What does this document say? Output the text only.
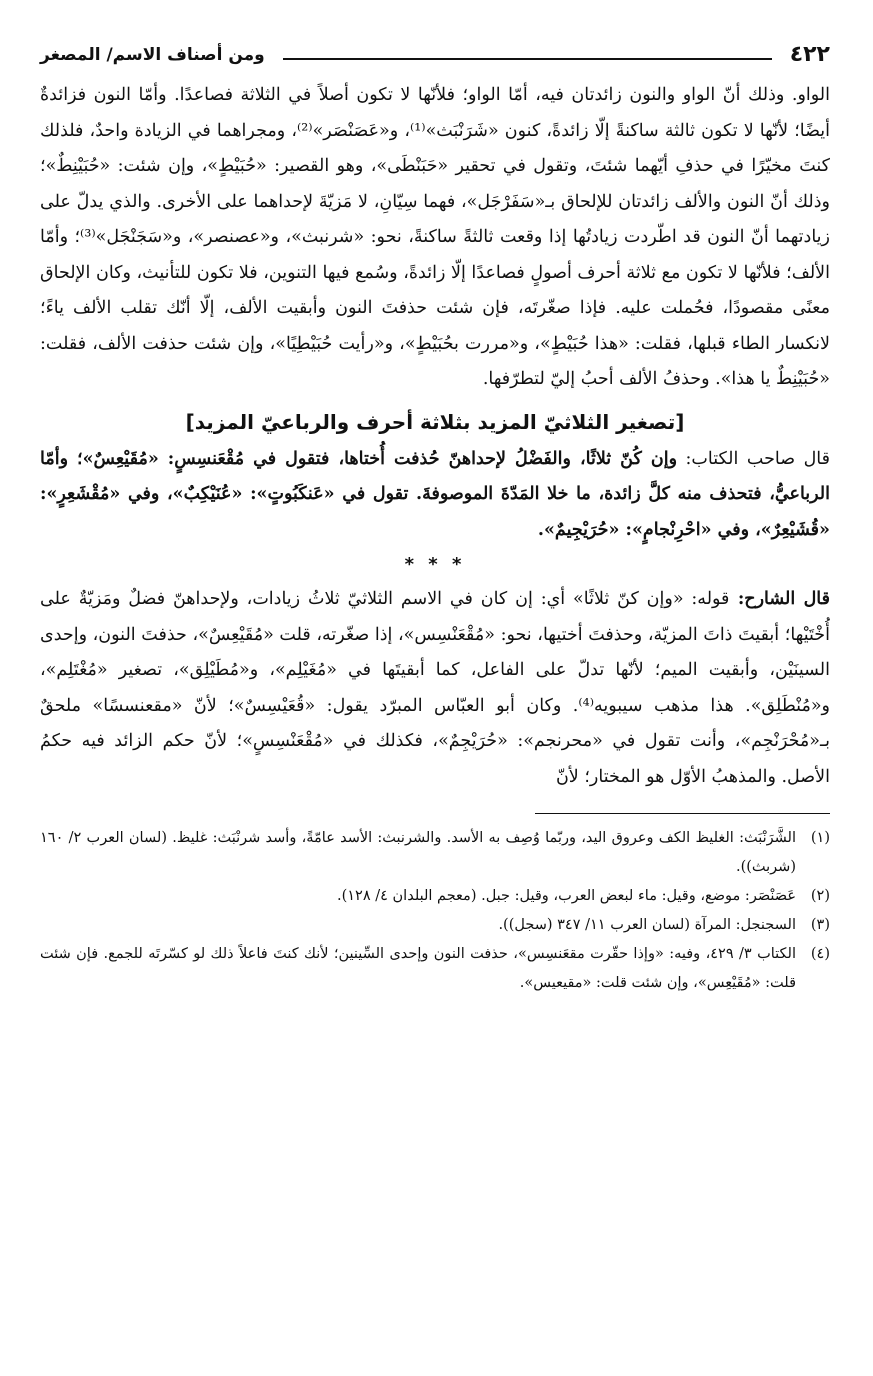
٤٢٢
ومن أصناف الاسم/ المصغر

الواو. وذلك أنّ الواو والنون زائدتان فيه، أمّا الواو؛ فلأنّها لا تكون أصلاً في الثلاثة فصاعدًا. وأمّا النون فزائدةٌ أيضًا؛ لأنّها لا تكون ثالثة ساكنةً إلّا زائدةً، كنون «شَرَنْبَث»⁽¹⁾، و«عَصَنْصَر»⁽²⁾، ومجراهما في الزيادة واحدٌ، فلذلك كنتَ مخيّرًا في حذفِ أيّهما شئتَ، وتقول في تحقير «حَبَنْطَى»، وهو القصير: «حُبَيْطٍ»، وإن شئت: «حُبَيْنِطٌ»؛ وذلك أنّ النون والألف زائدتان للإلحاق بـ«سَفَرْجَل»، فهما سِيّانِ، لا مَزيّةَ لإحداهما على الأخرى. والذي يدلّ على زيادتهما أنّ النون قد اطّردت زيادتُها إذا وقعت ثالثةً ساكنةً، نحو: «شرنبث»، و«عصنصر»، و«سَجَنْجَل»⁽³⁾؛ وأمّا الألف؛ فلأنّها لا تكون مع ثلاثة أحرف أصولٍ فصاعدًا إلّا زائدةً، وسُمع فيها التنوين، فلا تكون للتأنيث، وكان الإلحاق معنًى مقصودًا، فحُملت عليه. فإذا صغّرتَه، فإن شئت حذفتَ النون وأبقيت الألف، إلّا أنّك تقلب الألف ياءً؛ لانكسار الطاء قبلها، فقلت: «هذا حُبَيْطٍ»، و«مررت بحُبَيْطٍ»، و«رأيت حُبَيْطِيًا»، وإن شئت حذفت الألف، فقلت: «حُبَيْنِطٌ يا هذا». وحذفُ الألف أحبُ إليّ لتطرّفها.

[تصغير الثلاثيّ المزيد بثلاثة أحرف والرباعيّ المزيد]

قال صاحب الكتاب: وإن كُنّ ثلاثًا، والفَضْلُ لإحداهنّ حُذفت أُختاها، فتقول في مُقْعَنسِسٍ: «مُقَيْعِسٌ»؛ وأمّا الرباعيُّ، فتحذف منه كلَّ زائدة، ما خلا المَدّةَ الموصوفةَ. تقول في «عَنكَبُوتٍ»: «عُنَيْكِبٌ»، وفي «مُقْشَعِرٍ»: «قُشَيْعِرٌ»، وفي «احْرِنْجامٍ»: «حُرَيْجِيمٌ».

* * *

قال الشارح: قوله: «وإن كنّ ثلاثًا» أي: إن كان في الاسم الثلاثيّ ثلاثُ زيادات، ولإحداهنّ فضلٌ ومَزيّةٌ على أُخْتَيْها؛ أبقيتَ ذاتَ المزيّة، وحذفتَ أختيها، نحو: «مُقْعَنْسِس»، إذا صغّرته، قلت «مُقَيْعِسٌ»، حذفتَ النون، وإحدى السينَيْن، وأبقيت الميم؛ لأنّها تدلّ على الفاعل، كما أبقيتَها في «مُغَيْلِم»، و«مُطَيْلِق»، تصغير «مُغْتَلِم»، و«مُنْطَلِق». هذا مذهب سيبويه⁽⁴⁾. وكان أبو العبّاس المبرّد يقول: «قُعَيْسِسٌ»؛ لأنّ «مقعنسسًا» ملحقٌ بـ«مُحْرَنْجِم»، وأنت تقول في «محرنجم»: «حُرَيْجِمٌ»، فكذلك في «مُقْعَنْسِسٍ»؛ لأنّ حكم الزائد فيه حكمُ الأصل. والمذهبُ الأوّل هو المختار؛ لأنّ

(١)
الشَّرَنْبَث: الغليظ الكف وعروق اليد، وربّما وُصِف به الأسد. والشرنبث: الأسد عامّةً، وأسد شرنْبَث: غليظ. (لسان العرب ٢/ ١٦٠ (شربث)).
(٢)
عَصَنْصَر: موضع، وقيل: ماء لبعض العرب، وقيل: جبل. (معجم البلدان ٤/ ١٢٨).
(٣)
السجنجل: المرآة (لسان العرب ١١/ ٣٤٧ (سجل)).
(٤)
الكتاب ٣/ ٤٢٩، وفيه: «وإذا حقّرت مقعَنسِس»، حذفت النون وإحدى السِّينين؛ لأنك كنتَ فاعلاً ذلك لو كسّرتَه للجمع. فإن شئت قلت: «مُقَيْعِس»، وإن شئت قلت: «مقيعيس».
